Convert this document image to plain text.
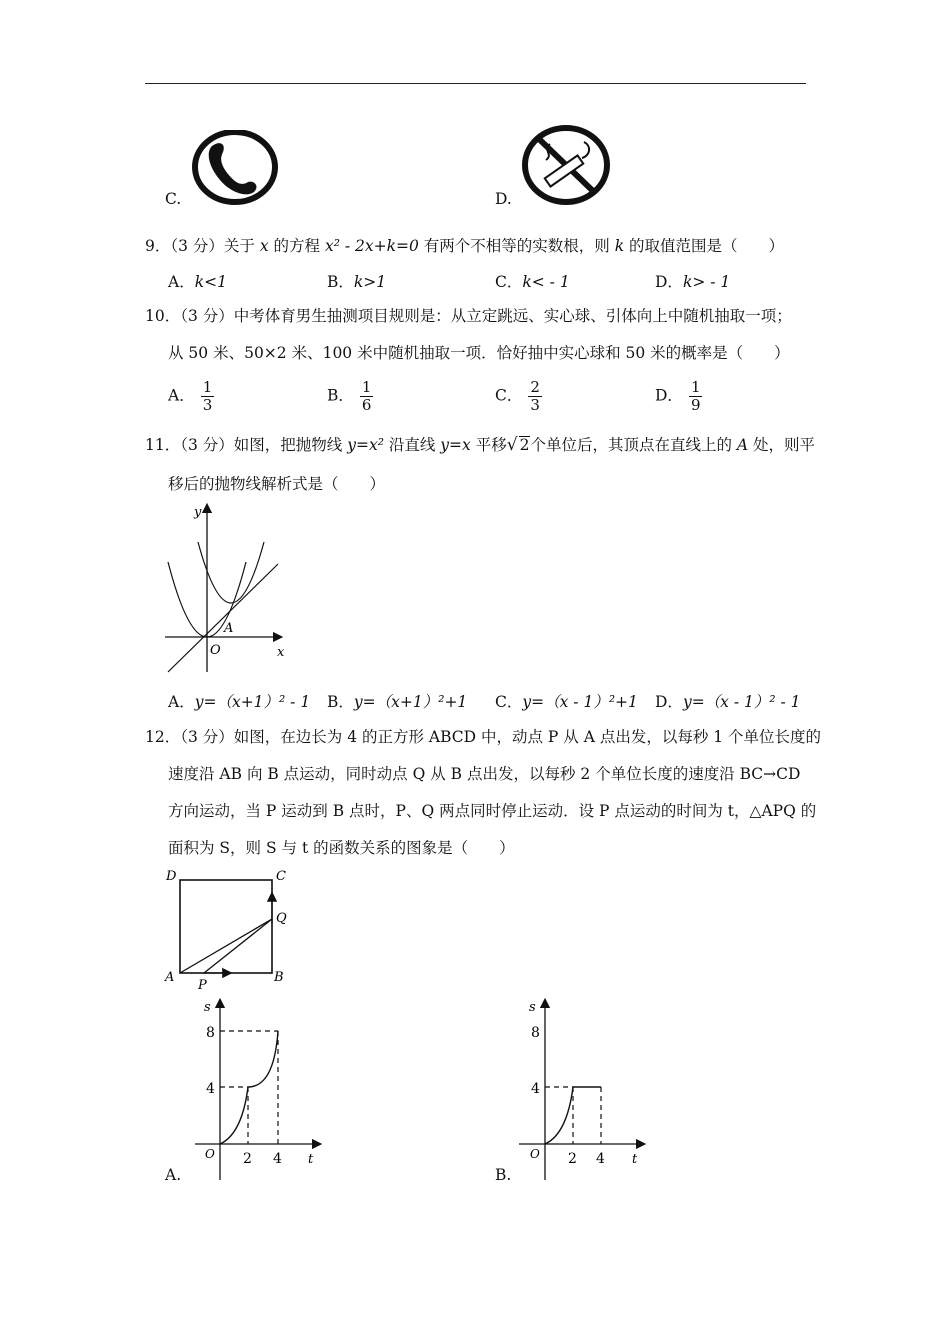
C.	D.
9．（3 分）关于 x 的方程 x² - 2x+k=0 有两个不相等的实数根，则 k 的取值范围是（　　）
A．k<1	B．k>1	C．k< - 1	D．k> - 1
10．（3 分）中考体育男生抽测项目规则是：从立定跳远、实心球、引体向上中随机抽取一项；
从 50 米、50×2 米、100 米中随机抽取一项．恰好抽中实心球和 50 米的概率是（　　）
A． $\frac{1}{3}$	B． $\frac{1}{6}$	C． $\frac{2}{3}$	D． $\frac{1}{9}$
11．（3 分）如图，把抛物线 y=x² 沿直线 y=x 平移√ 2个单位后，其顶点在直线上的 A 处，则平
移后的抛物线解析式是（　　）
y
x
O
A
A．y=（x+1）² - 1 B．y=（x+1）²+1 C．y=（x - 1）²+1 D．y=（x - 1）² - 1
12．（3 分）如图，在边长为 4 的正方形 ABCD 中，动点 P 从 A 点出发，以每秒 1 个单位长度的
速度沿 AB 向 B 点运动，同时动点 Q 从 B 点出发，以每秒 2 个单位长度的速度沿 BC→CD
方向运动，当 P 运动到 B 点时，P、Q 两点同时停止运动．设 P 点运动的时间为 t，△APQ 的
面积为 S，则 S 与 t 的函数关系的图象是（　　）
D	C
A	B
P
Q
s
t
O
8
4
2 4
A.
s
t
O
8
4
2 4
B.
